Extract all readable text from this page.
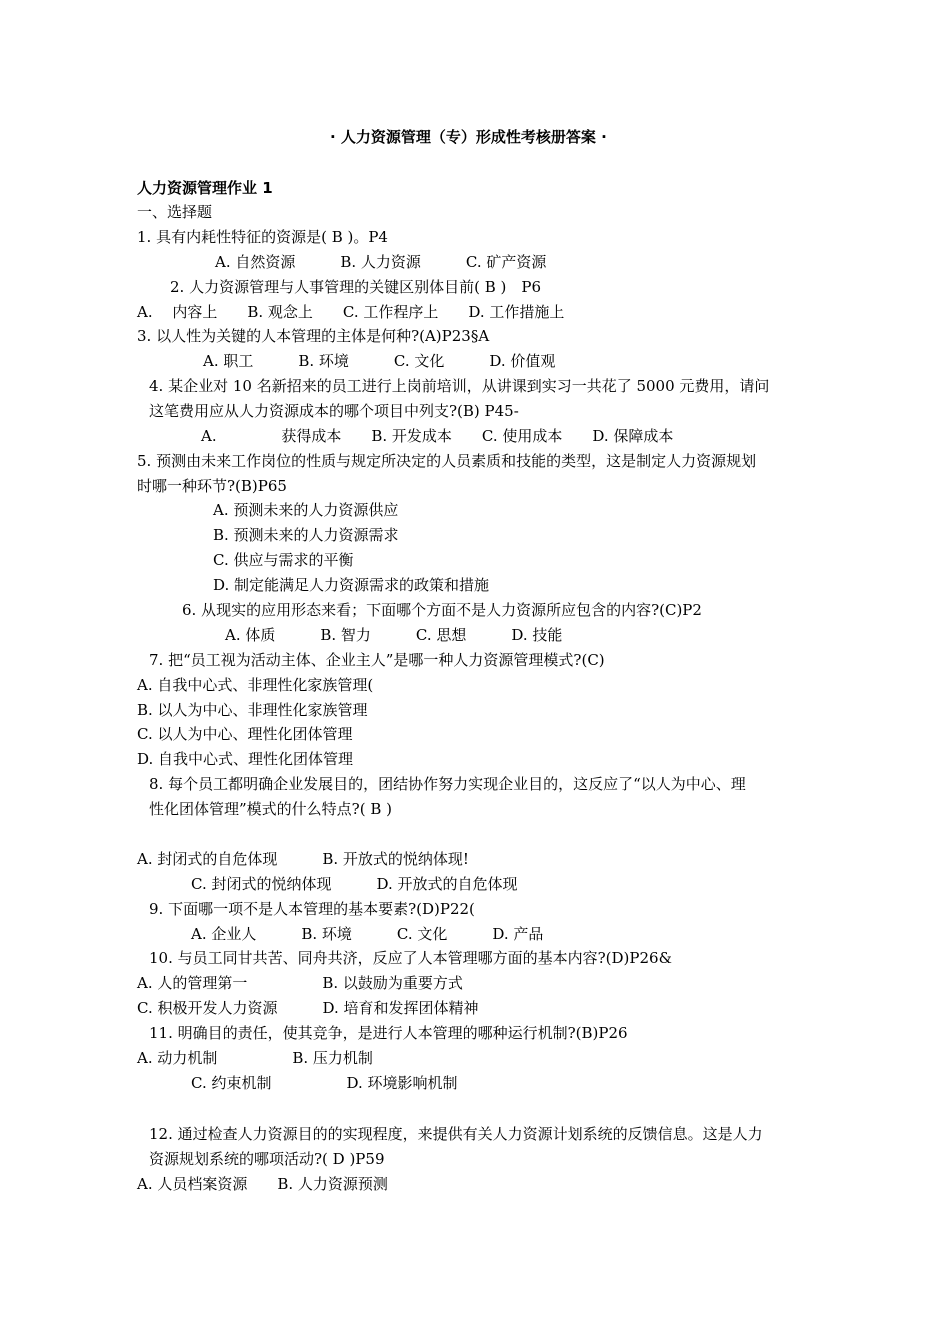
· 人力资源管理（专）形成性考核册答案 ·
人力资源管理作业 1
一、选择题
1. 具有内耗性特征的资源是( B )。P4
A. 自然资源　　　B. 人力资源　　　C. 矿产资源
2. 人力资源管理与人事管理的关键区别体目前( B )　P6
A.　 内容上　　B. 观念上　　C. 工作程序上　　D. 工作措施上
3. 以人性为关键的人本管理的主体是何种?(A)P23§A
A. 职工　　　B. 环境　　　C. 文化　　　D. 价值观
4. 某企业对 10 名新招来的员工进行上岗前培训，从讲课到实习一共花了 5000 元费用，请问
这笔费用应从人力资源成本的哪个项目中列支?(B) P45-
A.　　　　 获得成本　　B. 开发成本　　C. 使用成本　　D. 保障成本
5. 预测由未来工作岗位的性质与规定所决定的人员素质和技能的类型，这是制定人力资源规划
时哪一种环节?(B)P65
A. 预测未来的人力资源供应
B. 预测未来的人力资源需求
C. 供应与需求的平衡
D. 制定能满足人力资源需求的政策和措施
6. 从现实的应用形态来看；下面哪个方面不是人力资源所应包含的内容?(C)P2
A. 体质　　　B. 智力　　　C. 思想　　　D. 技能
7. 把“员工视为活动主体、企业主人”是哪一种人力资源管理模式?(C)
A. 自我中心式、非理性化家族管理(
B. 以人为中心、非理性化家族管理
C. 以人为中心、理性化团体管理
D. 自我中心式、理性化团体管理
8. 每个员工都明确企业发展目的，团结协作努力实现企业目的，这反应了“以人为中心、理
性化团体管理”模式的什么特点?( B )
A. 封闭式的自危体现　　　B. 开放式的悦纳体现!
C. 封闭式的悦纳体现　　　D. 开放式的自危体现
9. 下面哪一项不是人本管理的基本要素?(D)P22(
A. 企业人　　　B. 环境　　　C. 文化　　　D. 产品
10. 与员工同甘共苦、同舟共济，反应了人本管理哪方面的基本内容?(D)P26&
A. 人的管理第一　　　　　B. 以鼓励为重要方式
C. 积极开发人力资源　　　D. 培育和发挥团体精神
11. 明确目的责任，使其竞争，是进行人本管理的哪种运行机制?(B)P26
A. 动力机制　　　　　B. 压力机制
C. 约束机制　　　　　D. 环境影响机制
12. 通过检查人力资源目的的实现程度，来提供有关人力资源计划系统的反馈信息。这是人力
资源规划系统的哪项活动?( D )P59
A. 人员档案资源　　B. 人力资源预测
